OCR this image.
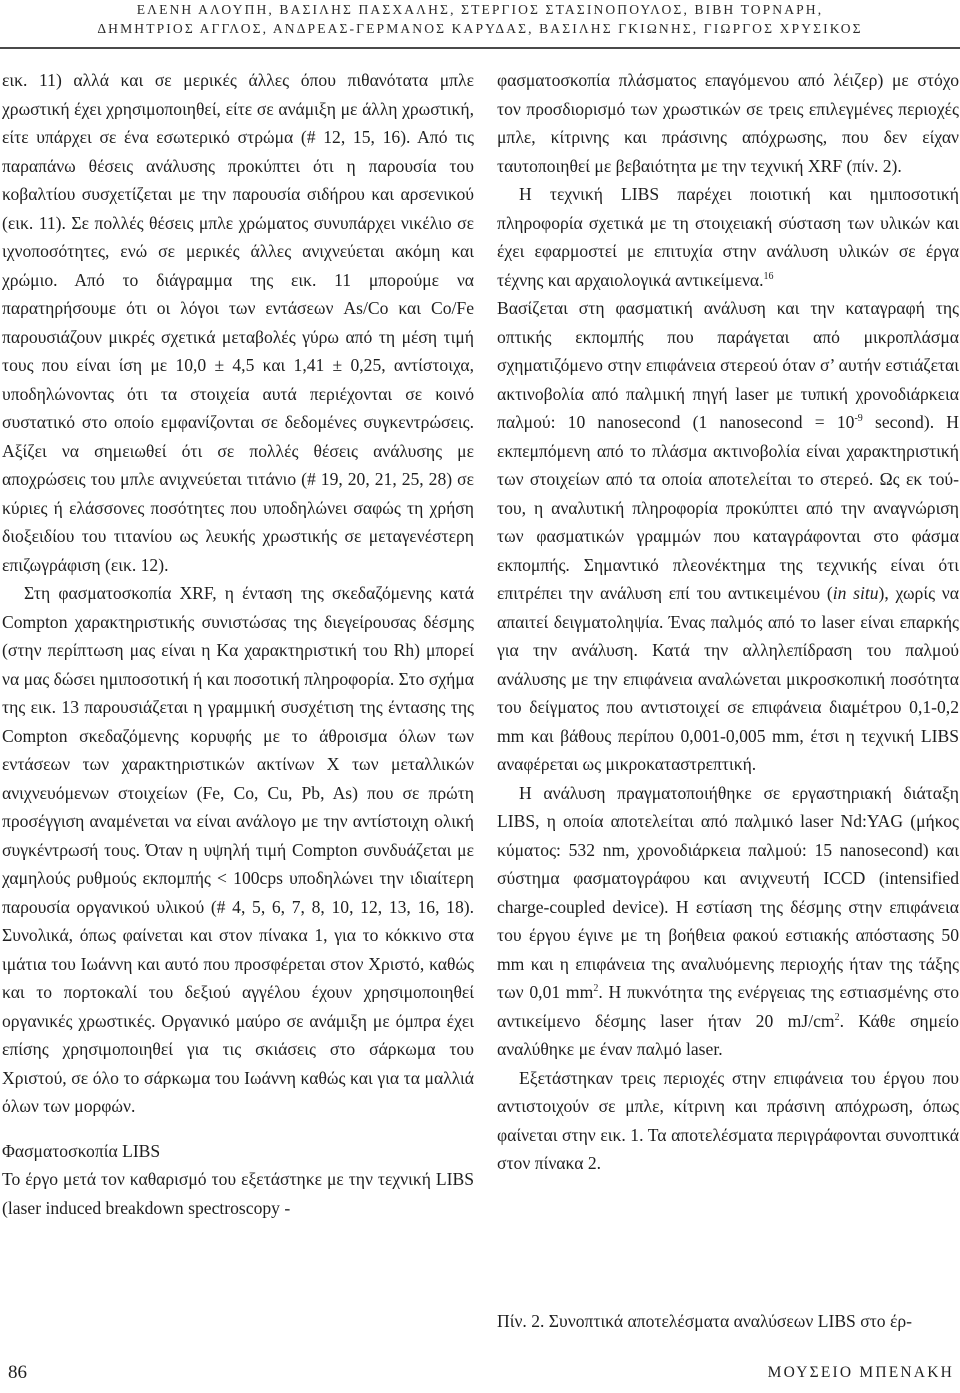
ΕΛΕΝΗ ΑΛΟΥΠΗ, ΒΑΣΙΛΗΣ ΠΑΣΧΑΛΗΣ, ΣΤΕΡΓΙΟΣ ΣΤΑΣΙΝΟΠΟΥΛΟΣ, ΒΙΒΗ ΤΟΡΝΑΡΗ,
ΔΗΜΗΤΡΙΟΣ ΑΓΓΛΟΣ, ΑΝΔΡΕΑΣ-ΓΕΡΜΑΝΟΣ ΚΑΡΥΔΑΣ, ΒΑΣΙΛΗΣ ΓΚΙΩΝΗΣ, ΓΙΩΡΓΟΣ ΧΡΥΣΙΚΟΣ

εικ. 11) αλλά και σε μερικές άλλες όπου πιθανότατα μπλε χρωστική έχει χρησιμοποιηθεί, είτε σε ανάμιξη με άλλη χρωστική, είτε υπάρχει σε ένα εσωτερικό στρώμα (# 12, 15, 16). Από τις παραπάνω θέσεις ανάλυσης προκύπτει ότι η παρουσία του κοβαλτίου συσχετίζεται με την παρουσία σιδήρου και αρσενικού (εικ. 11). Σε πολλές θέσεις μπλε χρώματος συνυπάρχει νικέλιο σε ιχνοποσότητες, ενώ σε μερικές άλλες ανιχνεύεται ακόμη και χρώμιο. Από το διάγραμμα της εικ. 11 μπορούμε να παρατηρήσουμε ότι οι λόγοι των εντάσεων As/Co και Co/Fe παρουσιάζουν μικρές σχετικά μεταβολές γύρω από τη μέση τιμή τους που είναι ίση με 10,0 ± 4,5 και 1,41 ± 0,25, αντίστοιχα, υποδηλώνοντας ότι τα στοιχεία αυτά περιέχονται σε κοινό συστατικό στο οποίο εμφανίζονται σε δεδομένες συγκεντρώσεις. Αξίζει να σημειωθεί ότι σε πολλές θέσεις ανάλυσης με αποχρώσεις του μπλε ανιχνεύεται τιτάνιο (# 19, 20, 21, 25, 28) σε κύριες ή ελάσσονες ποσότητες που υποδηλώνει σαφώς τη χρήση διοξειδίου του τιτανίου ως λευκής χρωστικής σε μεταγενέστερη επιζωγράφιση (εικ. 12).

Στη φασματοσκοπία XRF, η ένταση της σκεδαζόμενης κατά Compton χαρακτηριστικής συνιστώσας της διεγείρουσας δέσμης (στην περίπτωση μας είναι η Kα χαρακτηριστική του Rh) μπορεί να μας δώσει ημιποσοτική ή και ποσοτική πληροφορία. Στο σχήμα της εικ. 13 παρουσιάζεται η γραμμική συσχέτιση της έντασης της Compton σκεδαζόμενης κορυφής με το άθροισμα όλων των εντάσεων των χαρακτηριστικών ακτίνων X των μεταλλικών ανιχνευόμενων στοιχείων (Fe, Co, Cu, Pb, As) που σε πρώτη προσέγγιση αναμένεται να είναι ανάλογο με την αντίστοιχη ολική συγκέντρωσή τους. Όταν η υψηλή τιμή Compton συνδυάζεται με χαμηλούς ρυθμούς εκπομπής < 100cps υποδηλώνει την ιδιαίτερη παρουσία οργανικού υλικού (# 4, 5, 6, 7, 8, 10, 12, 13, 16, 18). Συνολικά, όπως φαίνεται και στον πίνακα 1, για το κόκκινο στα ιμάτια του Ιωάννη και αυτό που προσφέρεται στον Χριστό, καθώς και το πορτοκαλί του δεξιού αγγέλου έχουν χρησιμοποιηθεί οργανικές χρωστικές. Οργανικό μαύρο σε ανάμιξη με όμπρα έχει επίσης χρησιμοποιηθεί για τις σκιάσεις στο σάρκωμα του Χριστού, σε όλο το σάρκωμα του Ιωάννη καθώς και για τα μαλλιά όλων των μορφών.

Φασματοσκοπία LIBS

Το έργο μετά τον καθαρισμό του εξετάστηκε με την τεχνική LIBS (laser induced breakdown spectroscopy -

φασματοσκοπία πλάσματος επαγόμενου από λέιζερ) με στόχο τον προσδιορισμό των χρωστικών σε τρεις επιλεγμένες περιοχές μπλε, κίτρινης και πράσινης απόχρωσης, που δεν είχαν ταυτοποιηθεί με βεβαιότητα με την τεχνική XRF (πίν. 2).

Η τεχνική LIBS παρέχει ποιοτική και ημιποσοτική πληροφορία σχετικά με τη στοιχειακή σύσταση των υλικών και έχει εφαρμοστεί με επιτυχία στην ανάλυση υλικών σε έργα τέχνης και αρχαιολογικά αντικείμενα.$^{16}$

Βασίζεται στη φασματική ανάλυση και την καταγραφή της οπτικής εκπομπής που παράγεται από μικροπλάσμα σχηματιζόμενο στην επιφάνεια στερεού όταν σ’ αυτήν εστιάζεται ακτινοβολία από παλμική πηγή laser με τυπική χρονοδιάρκεια παλμού: 10 nanosecond (1 nanosecond = $10^{-9}$ second). Η εκπεμπόμενη από το πλάσμα ακτινοβολία είναι χαρακτηριστική των στοιχείων από τα οποία αποτελείται το στερεό. Ως εκ τούτου, η αναλυτική πληροφορία προκύπτει από την αναγνώριση των φασματικών γραμμών που καταγράφονται στο φάσμα εκπομπής. Σημαντικό πλεονέκτημα της τεχνικής είναι ότι επιτρέπει την ανάλυση επί του αντικειμένου (in situ), χωρίς να απαιτεί δειγματοληψία. Ένας παλμός από το laser είναι επαρκής για την ανάλυση. Κατά την αλληλεπίδραση του παλμού ανάλυσης με την επιφάνεια αναλώνεται μικροσκοπική ποσότητα του δείγματος που αντιστοιχεί σε επιφάνεια διαμέτρου 0,1-0,2 mm και βάθους περίπου 0,001-0,005 mm, έτσι η τεχνική LIBS αναφέρεται ως μικροκαταστρεπτική.

Η ανάλυση πραγματοποιήθηκε σε εργαστηριακή διάταξη LIBS, η οποία αποτελείται από παλμικό laser Nd:YAG (μήκος κύματος: 532 nm, χρονοδιάρκεια παλμού: 15 nanosecond) και σύστημα φασματογράφου και ανιχνευτή ICCD (intensified charge-coupled device). Η εστίαση της δέσμης στην επιφάνεια του έργου έγινε με τη βοήθεια φακού εστιακής απόστασης 50 mm και η επιφάνεια της αναλυόμενης περιοχής ήταν της τάξης των 0,01 $mm^2$. Η πυκνότητα της ενέργειας της εστιασμένης στο αντικείμενο δέσμης laser ήταν 20 $mJ/cm^2$. Κάθε σημείο αναλύθηκε με έναν παλμό laser.

Εξετάστηκαν τρεις περιοχές στην επιφάνεια του έργου που αντιστοιχούν σε μπλε, κίτρινη και πράσινη απόχρωση, όπως φαίνεται στην εικ. 1. Τα αποτελέσματα περιγράφονται συνοπτικά στον πίνακα 2.

Πίν. 2. Συνοπτικά αποτελέσματα αναλύσεων LIBS στο έρ-
86	ΜΟΥΣΕΙΟ ΜΠΕΝΑΚΗ
